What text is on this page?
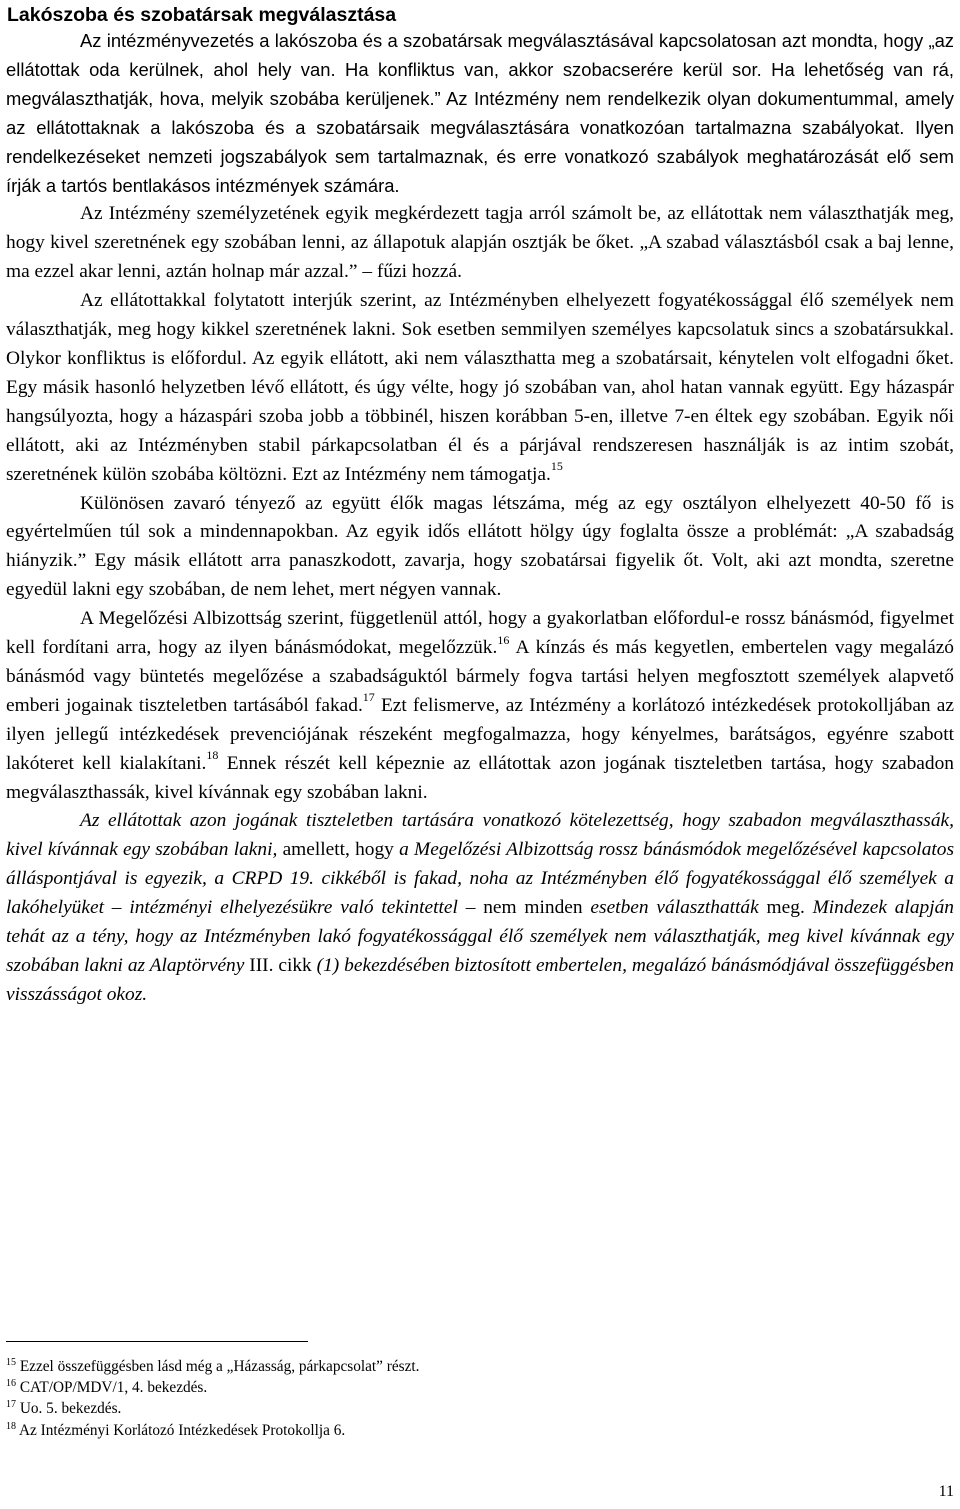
Lakószoba és szobatársak megválasztása

Az intézményvezetés a lakószoba és a szobatársak megválasztásával kapcsolatosan azt mondta, hogy „az ellátottak oda kerülnek, ahol hely van. Ha konfliktus van, akkor szobacserére kerül sor. Ha lehetőség van rá, megválaszthatják, hova, melyik szobába kerüljenek.” Az Intézmény nem rendelkezik olyan dokumentummal, amely az ellátottaknak a lakószoba és a szobatársaik megválasztására vonatkozóan tartalmazna szabályokat. Ilyen rendelkezéseket nemzeti jogszabályok sem tartalmaznak, és erre vonatkozó szabályok meghatározását elő sem írják a tartós bentlakásos intézmények számára.

Az Intézmény személyzetének egyik megkérdezett tagja arról számolt be, az ellátottak nem választhatják meg, hogy kivel szeretnének egy szobában lenni, az állapotuk alapján osztják be őket. „A szabad választásból csak a baj lenne, ma ezzel akar lenni, aztán holnap már azzal.” – fűzi hozzá.

Az ellátottakkal folytatott interjúk szerint, az Intézményben elhelyezett fogyatékossággal élő személyek nem választhatják, meg hogy kikkel szeretnének lakni. Sok esetben semmilyen személyes kapcsolatuk sincs a szobatársukkal. Olykor konfliktus is előfordul. Az egyik ellátott, aki nem választhatta meg a szobatársait, kénytelen volt elfogadni őket. Egy másik hasonló helyzetben lévő ellátott, és úgy vélte, hogy jó szobában van, ahol hatan vannak együtt. Egy házaspár hangsúlyozta, hogy a házaspári szoba jobb a többinél, hiszen korábban 5-en, illetve 7-en éltek egy szobában. Egyik női ellátott, aki az Intézményben stabil párkapcsolatban él és a párjával rendszeresen használják is az intim szobát, szeretnének külön szobába költözni. Ezt az Intézmény nem támogatja.$^{15}$

Különösen zavaró tényező az együtt élők magas létszáma, még az egy osztályon elhelyezett 40-50 fő is egyértelműen túl sok a mindennapokban. Az egyik idős ellátott hölgy úgy foglalta össze a problémát: „A szabadság hiányzik.” Egy másik ellátott arra panaszkodott, zavarja, hogy szobatársai figyelik őt. Volt, aki azt mondta, szeretne egyedül lakni egy szobában, de nem lehet, mert négyen vannak.

A Megelőzési Albizottság szerint, függetlenül attól, hogy a gyakorlatban előfordul-e rossz bánásmód, figyelmet kell fordítani arra, hogy az ilyen bánásmódokat, megelőzzük.$^{16}$ A kínzás és más kegyetlen, embertelen vagy megalázó bánásmód vagy büntetés megelőzése a szabadságuktól bármely fogva tartási helyen megfosztott személyek alapvető emberi jogainak tiszteletben tartásából fakad.$^{17}$ Ezt felismerve, az Intézmény a korlátozó intézkedések protokolljában az ilyen jellegű intézkedések prevenciójának részeként megfogalmazza, hogy kényelmes, barátságos, egyénre szabott lakóteret kell kialakítani.$^{18}$ Ennek részét kell képeznie az ellátottak azon jogának tiszteletben tartása, hogy szabadon megválaszthassák, kivel kívánnak egy szobában lakni.

Az ellátottak azon jogának tiszteletben tartására vonatkozó kötelezettség, hogy szabadon megválaszthassák, kivel kívánnak egy szobában lakni, amellett, hogy a Megelőzési Albizottság rossz bánásmódok megelőzésével kapcsolatos álláspontjával is egyezik, a CRPD 19. cikkéből is fakad, noha az Intézményben élő fogyatékossággal élő személyek a lakóhelyüket – intézményi elhelyezésükre való tekintettel – nem minden esetben választhatták meg. Mindezek alapján tehát az a tény, hogy az Intézményben lakó fogyatékossággal élő személyek nem választhatják, meg kivel kívánnak egy szobában lakni az Alaptörvény III. cikk (1) bekezdésében biztosított embertelen, megalázó bánásmódjával összefüggésben visszásságot okoz.

$^{15}$ Ezzel összefüggésben lásd még a „Házasság, párkapcsolat” részt.

$^{16}$ CAT/OP/MDV/1, 4. bekezdés.

$^{17}$ Uo. 5. bekezdés.

$^{18}$ Az Intézményi Korlátozó Intézkedések Protokollja 6.

11
